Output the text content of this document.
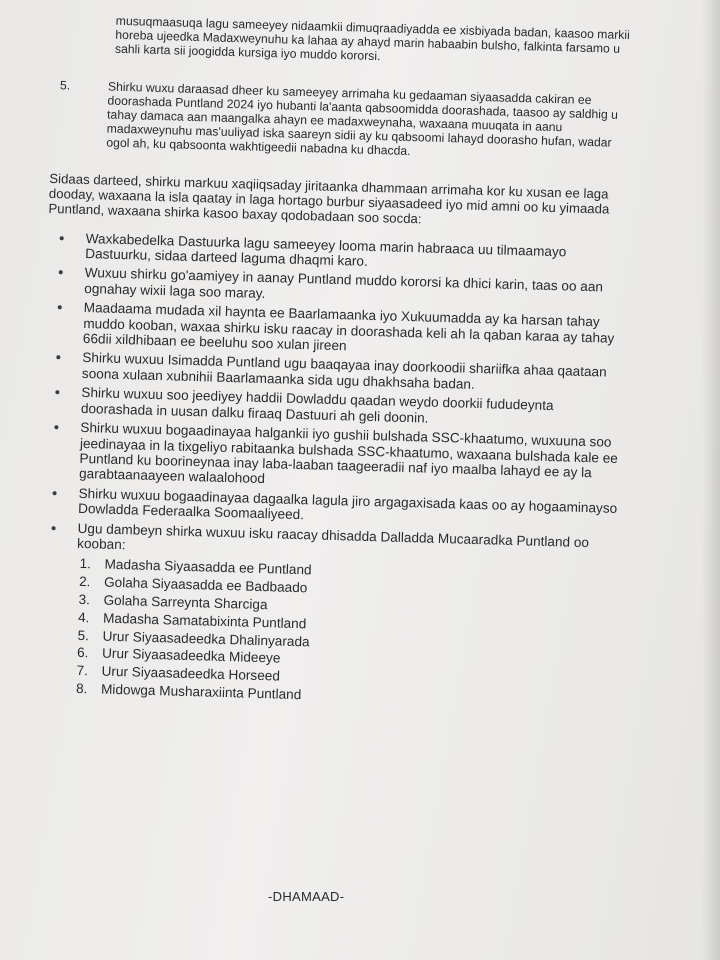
musuqmaasuqa lagu sameeyey nidaamkii dimuqraadiyadda ee xisbiyada badan, kaasoo markii horeba ujeedka Madaxweynuhu ka lahaa ay ahayd marin habaabin bulsho, falkinta farsamo u sahli karta sii joogidda kursiga iyo muddo kororsi.

5.	Shirku wuxu daraasad dheer ku sameeyey arrimaha ku gedaaman siyaasadda cakiran ee doorashada Puntland 2024 iyo hubanti la'aanta qabsoomidda doorashada, taasoo ay saldhig u tahay damaca aan maangalka ahayn ee madaxweynaha, waxaana muuqata in aanu madaxweynuhu mas'uuliyad iska saareyn sidii ay ku qabsoomi lahayd doorasho hufan, wadar ogol ah, ku qabsoonta wakhtigeedii nabadna ku dhacda.

Sidaas darteed, shirku markuu xaqiiqsaday jiritaanka dhammaan arrimaha kor ku xusan ee laga dooday, waxaana la isla qaatay in laga hortago burbur siyaasadeed iyo mid amni oo ku yimaada Puntland, waxaana shirka kasoo baxay qodobadaan soo socda:

Waxkabedelka Dastuurka lagu sameeyey looma marin habraaca uu tilmaamayo Dastuurku, sidaa darteed laguma dhaqmi karo.
Wuxuu shirku go'aamiyey in aanay Puntland muddo kororsi ka dhici karin, taas oo aan ognahay wixii laga soo maray.
Maadaama mudada xil haynta ee Baarlamaanka iyo Xukuumadda ay ka harsan tahay muddo kooban, waxaa shirku isku raacay in doorashada keli ah la qaban karaa ay tahay 66dii xildhibaan ee beeluhu soo xulan jireen
Shirku wuxuu Isimadda Puntland ugu baaqayaa inay doorkoodii shariifka ahaa qaataan soona xulaan xubnihii Baarlamaanka sida ugu dhakhsaha badan.
Shirku wuxuu soo jeediyey haddii Dowladdu qaadan weydo doorkii fududeynta doorashada in uusan dalku firaaq Dastuuri ah geli doonin.
Shirku wuxuu bogaadinayaa halgankii iyo gushii bulshada SSC-khaatumo, wuxuuna soo jeedinayaa in la tixgeliyo rabitaanka bulshada SSC-khaatumo, waxaana bulshada kale ee Puntland ku boorineynaa inay laba-laaban taageeradii naf iyo maalba lahayd ee ay la garabtaanaayeen walaalohood
Shirku wuxuu bogaadinayaa dagaalka lagula jiro argagaxisada kaas oo ay hogaaminayso Dowladda Federaalka Soomaaliyeed.
Ugu dambeyn shirka wuxuu isku raacay dhisadda Dalladda Mucaaradka Puntland oo kooban:
1. Madasha Siyaasadda ee Puntland
2. Golaha Siyaasadda ee Badbaado
3. Golaha Sarreynta Sharciga
4. Madasha Samatabixinta Puntland
5. Urur Siyaasadeedka Dhalinyarada
6. Urur Siyaasadeedka Mideeye
7. Urur Siyaasadeedka Horseed
8. Midowga Musharaxiinta Puntland
-DHAMAAD-
